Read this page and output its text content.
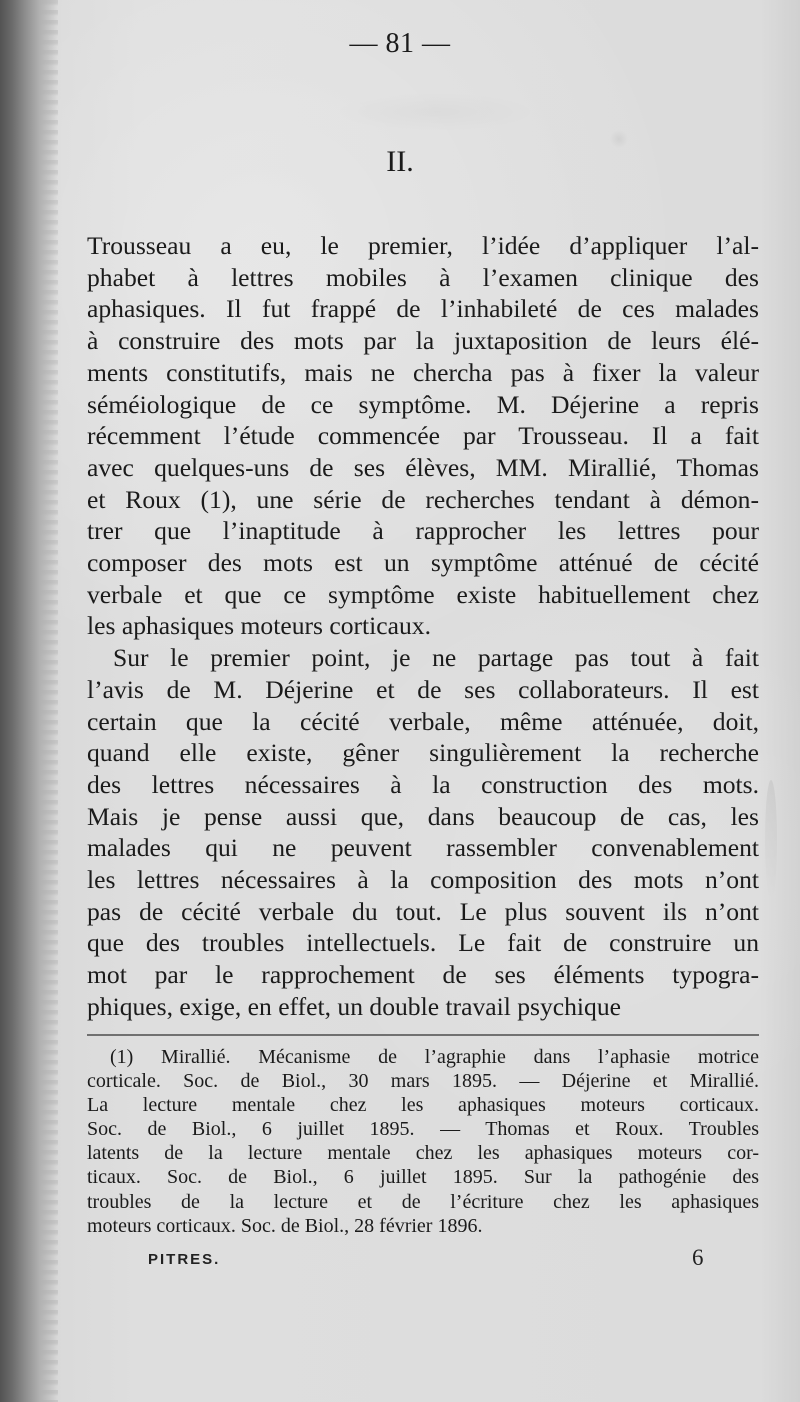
— 81 —
II.
Trousseau a eu, le premier, l’idée d’appliquer l’al-
phabet à lettres mobiles à l’examen clinique des
aphasiques. Il fut frappé de l’inhabileté de ces malades
à construire des mots par la juxtaposition de leurs élé-
ments constitutifs, mais ne chercha pas à fixer la valeur
séméiologique de ce symptôme. M. Déjerine a repris
récemment l’étude commencée par Trousseau. Il a fait
avec quelques-uns de ses élèves, MM. Mirallié, Thomas
et Roux (1), une série de recherches tendant à démon-
trer que l’inaptitude à rapprocher les lettres pour
composer des mots est un symptôme atténué de cécité
verbale et que ce symptôme existe habituellement chez
les aphasiques moteurs corticaux.
Sur le premier point, je ne partage pas tout à fait
l’avis de M. Déjerine et de ses collaborateurs. Il est
certain que la cécité verbale, même atténuée, doit,
quand elle existe, gêner singulièrement la recherche
des lettres nécessaires à la construction des mots.
Mais je pense aussi que, dans beaucoup de cas, les
malades qui ne peuvent rassembler convenablement
les lettres nécessaires à la composition des mots n’ont
pas de cécité verbale du tout. Le plus souvent ils n’ont
que des troubles intellectuels. Le fait de construire un
mot par le rapprochement de ses éléments typogra-
phiques, exige, en effet, un double travail psychique
(1) Mirallié. Mécanisme de l’agraphie dans l’aphasie motrice
corticale. Soc. de Biol., 30 mars 1895. — Déjerine et Mirallié.
La lecture mentale chez les aphasiques moteurs corticaux.
Soc. de Biol., 6 juillet 1895. — Thomas et Roux. Troubles
latents de la lecture mentale chez les aphasiques moteurs cor-
ticaux. Soc. de Biol., 6 juillet 1895. Sur la pathogénie des
troubles de la lecture et de l’écriture chez les aphasiques
moteurs corticaux. Soc. de Biol., 28 février 1896.
PITRES.	6
